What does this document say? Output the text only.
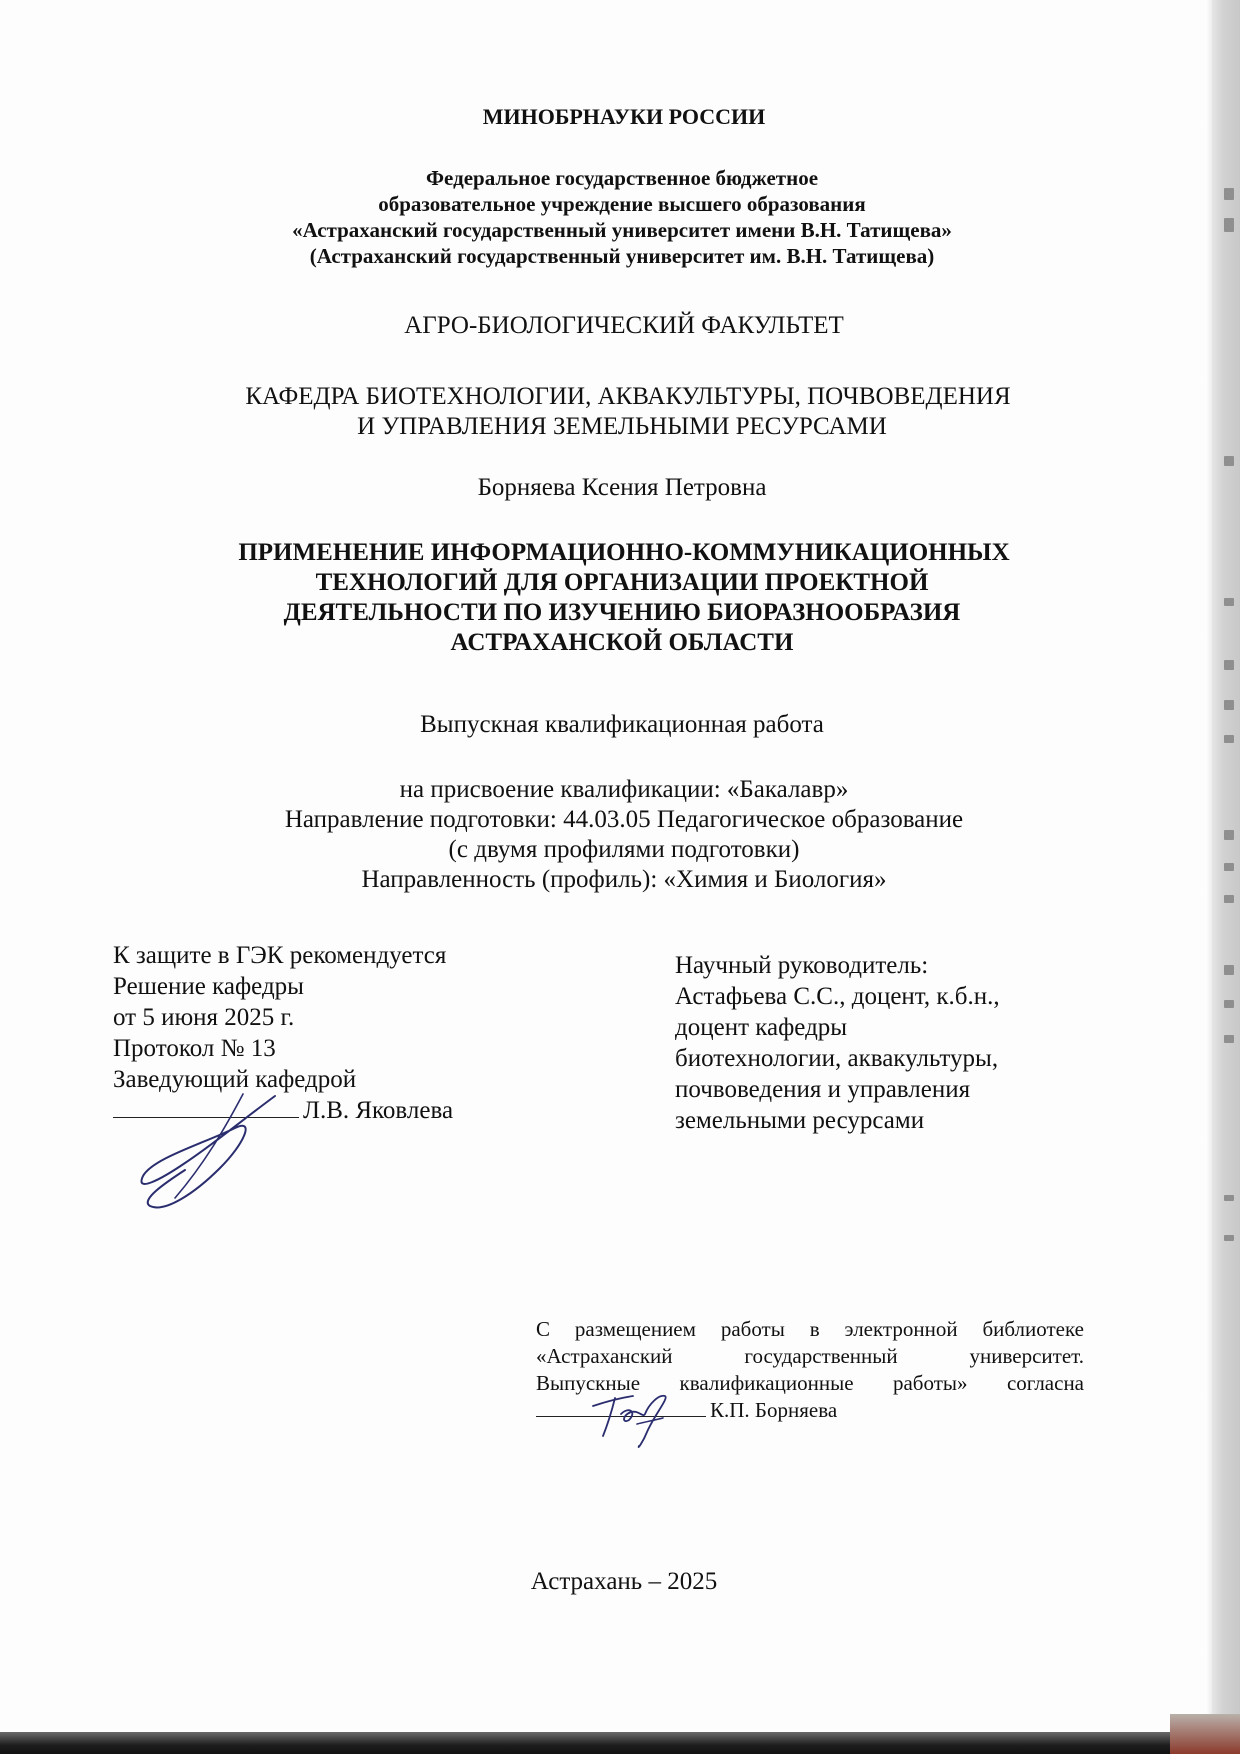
МИНОБРНАУКИ РОССИИ
Федеральное государственное бюджетное
образовательное учреждение высшего образования
«Астраханский государственный университет имени В.Н. Татищева»
(Астраханский государственный университет им. В.Н. Татищева)
АГРО-БИОЛОГИЧЕСКИЙ ФАКУЛЬТЕТ
КАФЕДРА БИОТЕХНОЛОГИИ, АКВАКУЛЬТУРЫ, ПОЧВОВЕДЕНИЯ
И УПРАВЛЕНИЯ ЗЕМЕЛЬНЫМИ РЕСУРСАМИ
Борняева Ксения Петровна
ПРИМЕНЕНИЕ ИНФОРМАЦИОННО-КОММУНИКАЦИОННЫХ
ТЕХНОЛОГИЙ ДЛЯ ОРГАНИЗАЦИИ ПРОЕКТНОЙ
ДЕЯТЕЛЬНОСТИ ПО ИЗУЧЕНИЮ БИОРАЗНООБРАЗИЯ
АСТРАХАНСКОЙ ОБЛАСТИ
Выпускная квалификационная работа
на присвоение квалификации: «Бакалавр»
Направление подготовки: 44.03.05 Педагогическое образование
(с двумя профилями подготовки)
Направленность (профиль): «Химия и Биология»
К защите в ГЭК рекомендуется
Решение кафедры
от 5 июня 2025 г.
Протокол № 13
Заведующий кафедрой
Л.В. Яковлева
Научный руководитель:
Астафьева С.С., доцент, к.б.н.,
доцент кафедры
биотехнологии, аквакультуры,
почвоведения и управления
земельными ресурсами
С размещением работы в электронной библиотеке
«Астраханский государственный университет.
Выпускные квалификационные работы» согласна
К.П. Борняева
Астрахань – 2025
